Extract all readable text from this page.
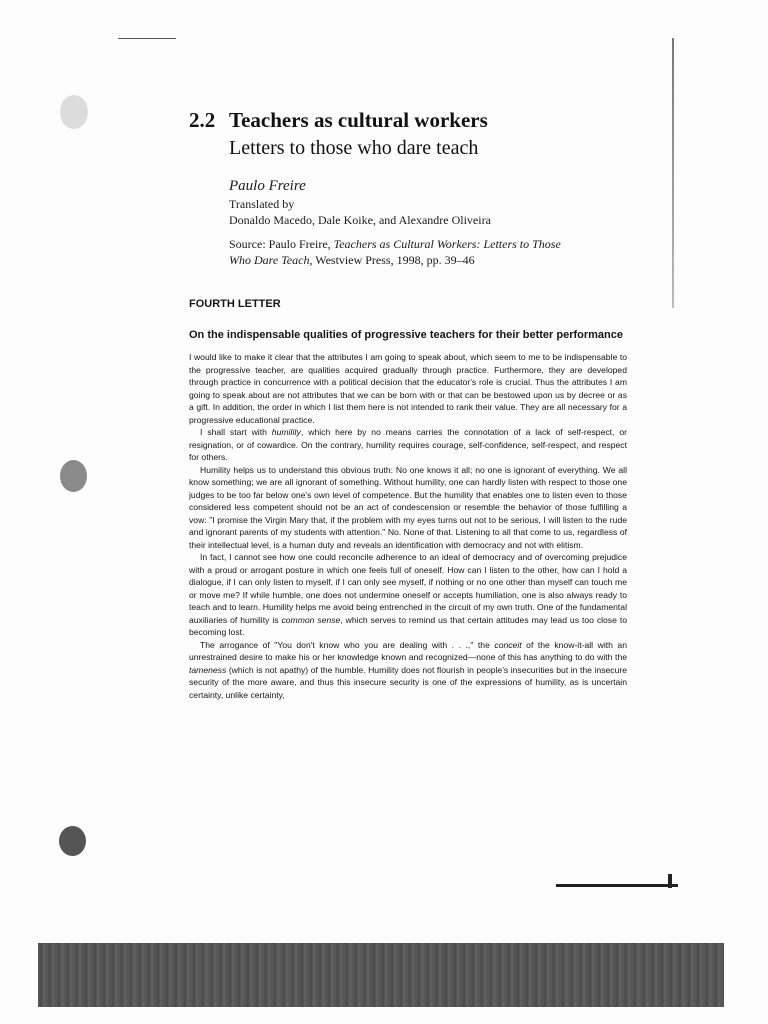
2.2 Teachers as cultural workers
Letters to those who dare teach
Paulo Freire
Translated by
Donaldo Macedo, Dale Koike, and Alexandre Oliveira
Source: Paulo Freire, Teachers as Cultural Workers: Letters to Those
Who Dare Teach, Westview Press, 1998, pp. 39–46
FOURTH LETTER
On the indispensable qualities of progressive teachers for their better performance

I would like to make it clear that the attributes I am going to speak about, which seem to me to be indispensable to the progressive teacher, are qualities acquired gradually through practice. Furthermore, they are developed through practice in concurrence with a political decision that the educator's role is crucial. Thus the attributes I am going to speak about are not attributes that we can be born with or that can be bestowed upon us by decree or as a gift. In addition, the order in which I list them here is not intended to rank their value. They are all necessary for a progressive educational practice.

I shall start with humility, which here by no means carries the connotation of a lack of self-respect, or resignation, or of cowardice. On the contrary, humility requires courage, self-confidence, self-respect, and respect for others.

Humility helps us to understand this obvious truth: No one knows it all; no one is ignorant of everything. We all know something; we are all ignorant of something. Without humility, one can hardly listen with respect to those one judges to be too far below one's own level of competence. But the humility that enables one to listen even to those considered less competent should not be an act of condescension or resemble the behavior of those fulfilling a vow: "I promise the Virgin Mary that, if the problem with my eyes turns out not to be serious, I will listen to the rude and ignorant parents of my students with attention." No. None of that. Listening to all that come to us, regardless of their intellectual level, is a human duty and reveals an identification with democracy and not with elitism.

In fact, I cannot see how one could reconcile adherence to an ideal of democracy and of overcoming prejudice with a proud or arrogant posture in which one feels full of oneself. How can I listen to the other, how can I hold a dialogue, if I can only listen to myself, if I can only see myself, if nothing or no one other than myself can touch me or move me? If while humble, one does not undermine oneself or accepts humiliation, one is also always ready to teach and to learn. Humility helps me avoid being entrenched in the circuit of my own truth. One of the fundamental auxiliaries of humility is common sense, which serves to remind us that certain attitudes may lead us too close to becoming lost.

The arrogance of "You don't know who you are dealing with . . .," the conceit of the know-it-all with an unrestrained desire to make his or her knowledge known and recognized—none of this has anything to do with the tameness (which is not apathy) of the humble. Humility does not flourish in people's insecurities but in the insecure security of the more aware, and thus this insecure security is one of the expressions of humility, as is uncertain certainty, unlike certainty,
